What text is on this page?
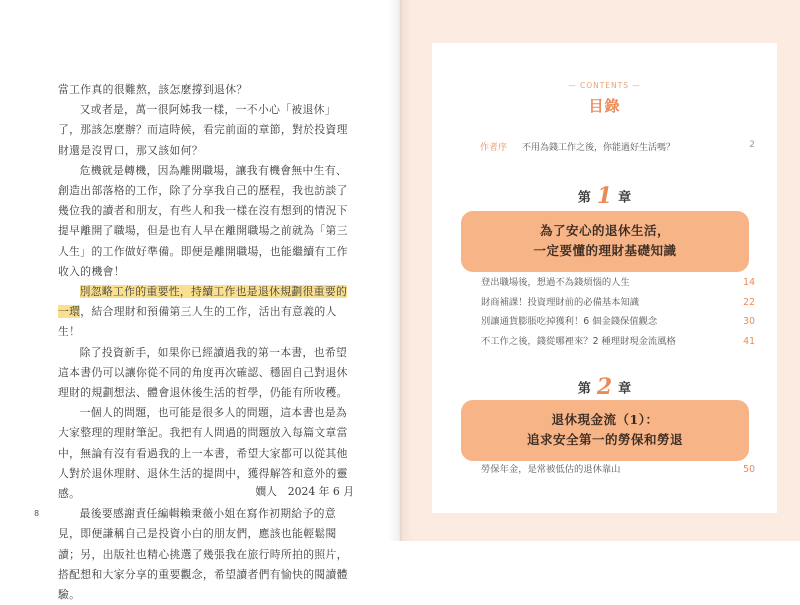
當工作真的很難熬，該怎麼撐到退休？

又或者是，萬一很阿姊我一樣，一不小心「被退休」了，那該怎麼辦？而這時候，看完前面的章節，對於投資理財還是沒胃口，那又該如何？

危機就是轉機，因為離開職場，讓我有機會無中生有、創造出部落格的工作，除了分享我自己的歷程，我也訪談了幾位我的讀者和朋友，有些人和我一樣在沒有想到的情況下提早離開了職場，但是也有人早在離開職場之前就為「第三人生」的工作做好準備。即便是離開職場，也能繼續有工作收入的機會！

別忽略工作的重要性，持續工作也是退休規劃很重要的一環，結合理財和預備第三人生的工作，活出有意義的人生！

除了投資新手，如果你已經讀過我的第一本書，也希望這本書仍可以讓你從不同的角度再次確認、穩固自己對退休理財的規劃想法、體會退休後生活的哲學，仍能有所收穫。

一個人的問題，也可能是很多人的問題，這本書也是為大家整理的理財筆記。我把有人問過的問題放入每篇文章當中，無論有沒有看過我的上一本書，希望大家都可以從其他人對於退休理財、退休生活的提問中，獲得解答和意外的靈感。

最後要感謝責任編輯賴秉薇小姐在寫作初期給予的意見，即便謙稱自己是投資小白的朋友們，應該也能輕鬆閱讀；另，出版社也精心挑選了幾張我在旅行時所拍的照片，搭配想和大家分享的重要觀念，希望讀者們有愉快的閱讀體驗。

嫺人　2024 年 6 月
8
— CONTENTS —
目錄
作者序 不用為錢工作之後，你能過好生活嗎？	2
第 1 章
為了安心的退休生活，
一定要懂的理財基礎知識
登出職場後，想過不為錢煩惱的人生	14
財商補課！投資理財前的必備基本知識	22
別讓通貨膨脹吃掉獲利！6 個金錢保值觀念	30
不工作之後，錢從哪裡來？2 種理財現金流風格	41
第 2 章
退休現金流（1）：
追求安全第一的勞保和勞退
勞保年金，是常被低估的退休靠山	50
